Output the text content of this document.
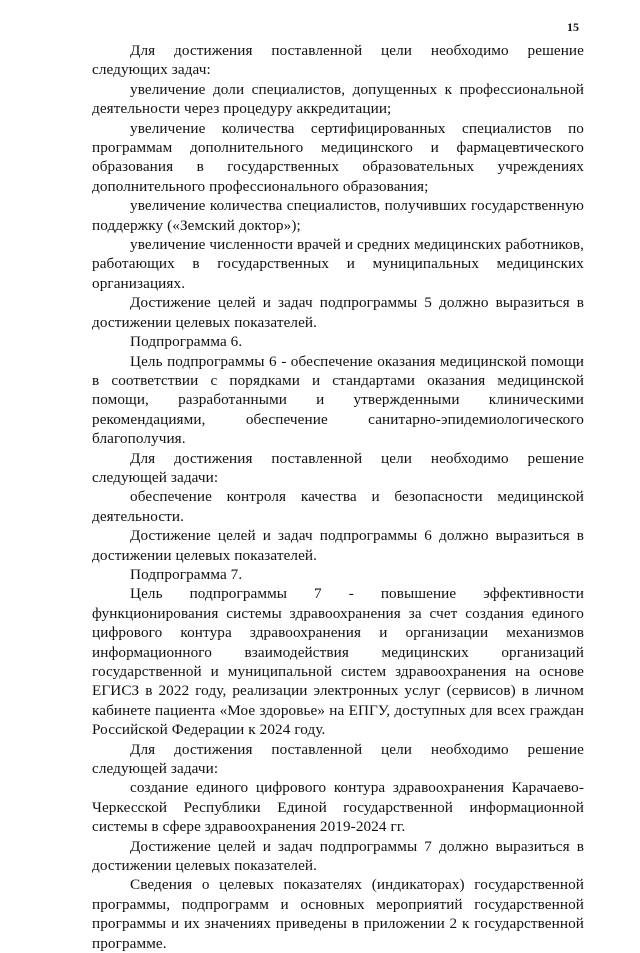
15

Для достижения поставленной цели необходимо решение следующих задач:

увеличение доли специалистов, допущенных к профессиональной деятельности через процедуру аккредитации;

увеличение количества сертифицированных специалистов по программам дополнительного медицинского и фармацевтического образования в государственных образовательных учреждениях дополнительного профессионального образования;

увеличение количества специалистов, получивших государственную поддержку («Земский доктор»);

увеличение численности врачей и средних медицинских работников, работающих в государственных и муниципальных медицинских организациях.

Достижение целей и задач подпрограммы 5 должно выразиться в достижении целевых показателей.

Подпрограмма 6.

Цель подпрограммы 6 - обеспечение оказания медицинской помощи в соответствии с порядками и стандартами оказания медицинской помощи, разработанными и утвержденными клиническими рекомендациями, обеспечение санитарно-эпидемиологического благополучия.

Для достижения поставленной цели необходимо решение следующей задачи:

обеспечение контроля качества и безопасности медицинской деятельности.

Достижение целей и задач подпрограммы 6 должно выразиться в достижении целевых показателей.

Подпрограмма 7.

Цель подпрограммы 7 - повышение эффективности функционирования системы здравоохранения за счет создания единого цифрового контура здравоохранения и организации механизмов информационного взаимодействия медицинских организаций государственной и муниципальной систем здравоохранения на основе ЕГИСЗ в 2022 году, реализации электронных услуг (сервисов) в личном кабинете пациента «Мое здоровье» на ЕПГУ, доступных для всех граждан Российской Федерации к 2024 году.

Для достижения поставленной цели необходимо решение следующей задачи:

создание единого цифрового контура здравоохранения Карачаево-Черкесской Республики Единой государственной информационной системы в сфере здравоохранения 2019-2024 гг.

Достижение целей и задач подпрограммы 7 должно выразиться в достижении целевых показателей.

Сведения о целевых показателях (индикаторах) государственной программы, подпрограмм и основных мероприятий государственной программы и их значениях приведены в приложении 2 к государственной программе.
